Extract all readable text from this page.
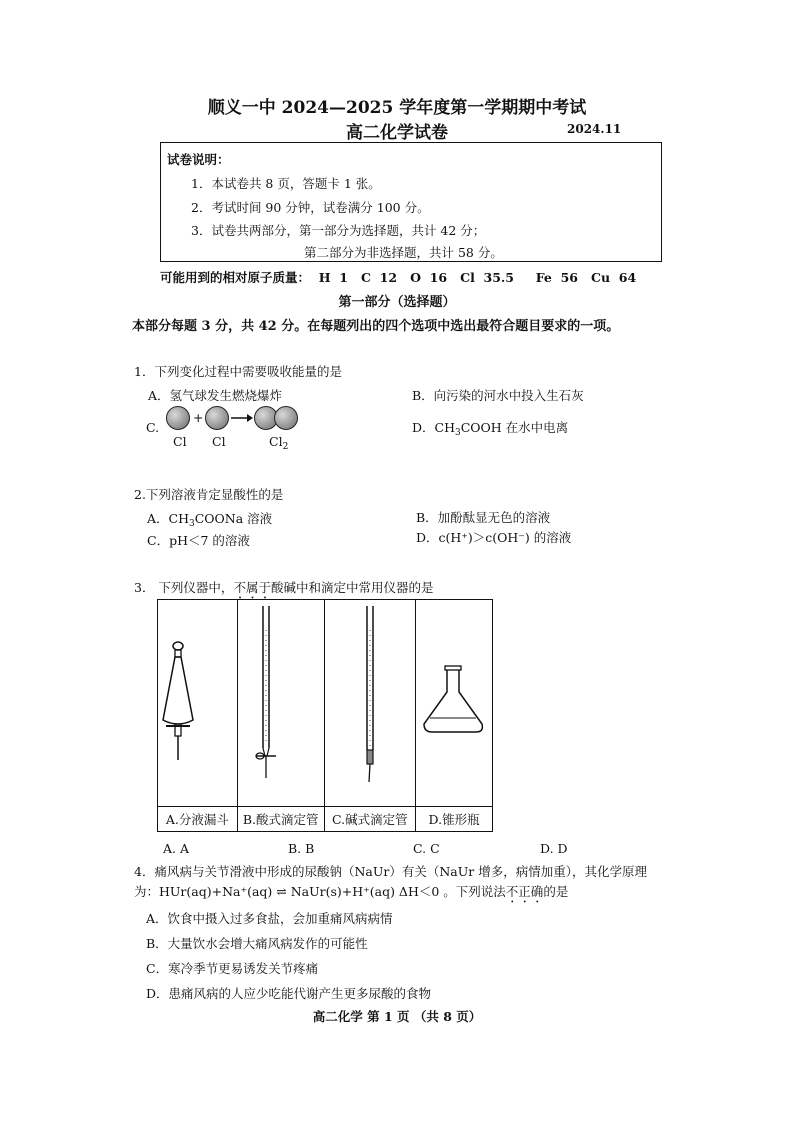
顺义一中 2024—2025 学年度第一学期期中考试
高二化学试卷	2024.11
试卷说明：
1．本试卷共 8 页，答题卡 1 张。
2．考试时间 90 分钟，试卷满分 100 分。
3．试卷共两部分，第一部分为选择题，共计 42 分；
第二部分为非选择题，共计 58 分。
可能用到的相对原子质量：  H  1   C  12   O  16   Cl  35.5     Fe  56   Cu  64
第一部分（选择题）
本部分每题 3 分，共 42 分。在每题列出的四个选项中选出最符合题目要求的一项。
1．下列变化过程中需要吸收能量的是
A．氢气球发生燃烧爆炸	B．向污染的河水中投入生石灰
C.
+
Cl Cl	$Cl_2$
D．$CH_3COOH$ 在水中电离
2.下列溶液肯定显酸性的是
A．$CH_3COONa$ 溶液	B．加酚酞显无色的溶液
C．pH＜7 的溶液	D．c(H⁺)＞c(OH⁻) 的溶液
3． 下列仪器中，不属于酸碱中和滴定中常用仪器的是

A.分液漏斗	B.酸式滴定管	C.碱式滴定管	D.锥形瓶
A. A	B. B	C. C	D. D
4．痛风病与关节滑液中形成的尿酸钠（NaUr）有关（NaUr 增多，病情加重），其化学原理
为：HUr(aq)+Na⁺(aq) ⇌ NaUr(s)+H⁺(aq) ΔH＜0 。下列说法不正确的是
A．饮食中摄入过多食盐，会加重痛风病病情
B．大量饮水会增大痛风病发作的可能性
C．寒冷季节更易诱发关节疼痛
D．患痛风病的人应少吃能代谢产生更多尿酸的食物
高二化学 第 1 页 （共 8 页）
